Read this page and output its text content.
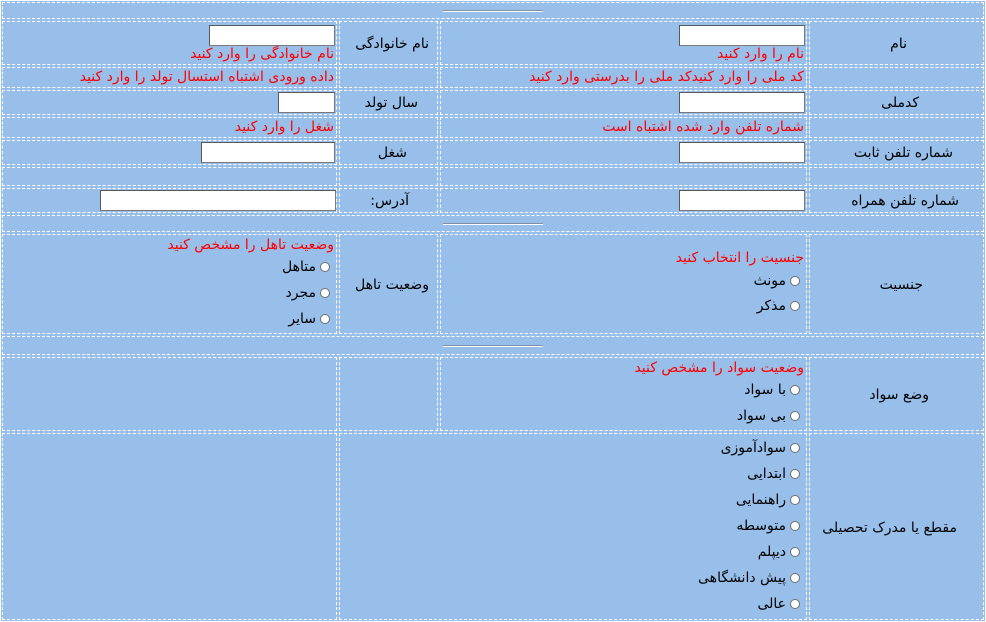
نام
نام را وارد کنید
نام خانوادگی
نام خانوادگی را وارد کنید
کد ملی را وارد کنیدکد ملی را بدرستی وارد کنید
داده ورودی اشتباه استسال تولد را وارد کنید
کدملی
سال تولد
شماره تلفن وارد شده اشتباه است
شغل را وارد کنید
شماره تلفن ثابت
شغل
شماره تلفن همراه
آدرس:
جنسیت
جنسیت را انتخاب کنید
مونث
مذکر
وضعیت تاهل
وضعیت تاهل را مشخص کنید
متاهل
مجرد
سایر
وضع سواد
وضعیت سواد را مشخص کنید
با سواد
بی سواد
مقطع یا مدرک تحصیلی
سوادآموزی
ابتدایی
راهنمایی
متوسطه
دیپلم
پیش دانشگاهی
عالی
